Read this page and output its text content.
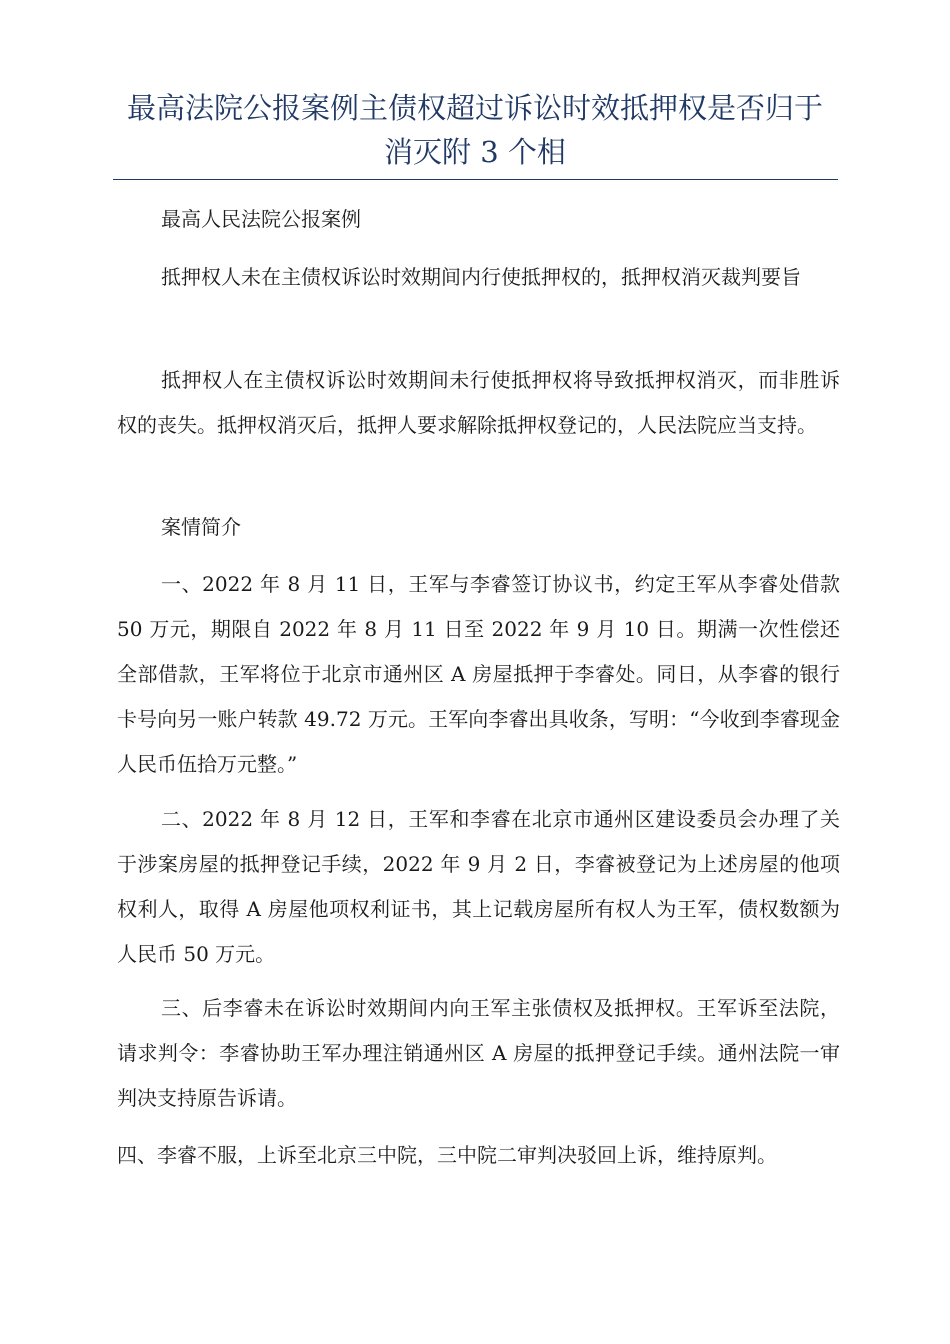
最高法院公报案例主债权超过诉讼时效抵押权是否归于
消灭附 3 个相

最高人民法院公报案例

抵押权人未在主债权诉讼时效期间内行使抵押权的，抵押权消灭裁判要旨

抵押权人在主债权诉讼时效期间未行使抵押权将导致抵押权消灭，而非胜诉权的丧失。抵押权消灭后，抵押人要求解除抵押权登记的，人民法院应当支持。

案情简介

一、2022 年 8 月 11 日，王军与李睿签订协议书，约定王军从李睿处借款 50 万元，期限自 2022 年 8 月 11 日至 2022 年 9 月 10 日。期满一次性偿还全部借款，王军将位于北京市通州区 A 房屋抵押于李睿处。同日，从李睿的银行卡号向另一账户转款 49.72 万元。王军向李睿出具收条，写明：“今收到李睿现金人民币伍拾万元整。”

二、2022 年 8 月 12 日，王军和李睿在北京市通州区建设委员会办理了关于涉案房屋的抵押登记手续，2022 年 9 月 2 日，李睿被登记为上述房屋的他项权利人，取得 A 房屋他项权利证书，其上记载房屋所有权人为王军，债权数额为人民币 50 万元。

三、后李睿未在诉讼时效期间内向王军主张债权及抵押权。王军诉至法院，请求判令：李睿协助王军办理注销通州区 A 房屋的抵押登记手续。通州法院一审判决支持原告诉请。

四、李睿不服，上诉至北京三中院，三中院二审判决驳回上诉，维持原判。
